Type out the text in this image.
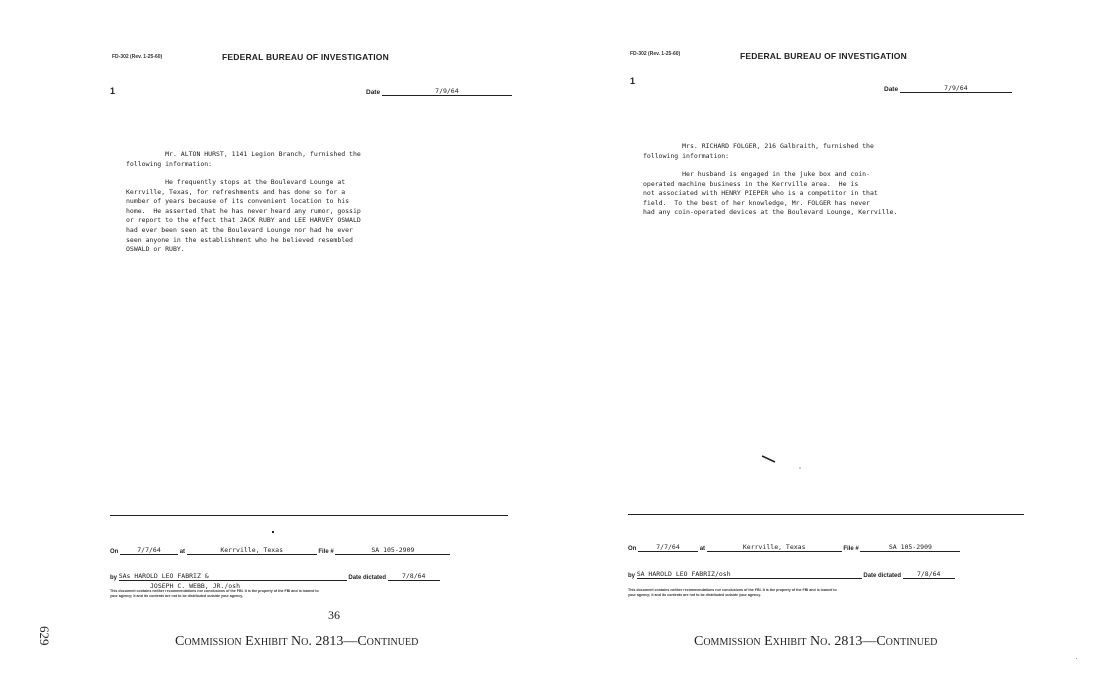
FD-302 (Rev. 1-25-60)	FEDERAL BUREAU OF INVESTIGATION
1	Date	7/9/64
Mr. ALTON HURST, 1141 Legion Branch, furnished the
following information:
He frequently stops at the Boulevard Lounge at
Kerrville, Texas, for refreshments and has done so for a
number of years because of its convenient location to his
home.  He asserted that he has never heard any rumor, gossip
or report to the effect that JACK RUBY and LEE HARVEY OSWALD
had ever been seen at the Boulevard Lounge nor had he ever
seen anyone in the establishment who he believed resembled
OSWALD or RUBY.
On	7/7/64	at	Kerrville, Texas	File #	SA 105-2909
by SAs HAROLD LEO FABRIZ &	Date dictated 7/8/64
This document contains neither recommendations nor conclusions of the FBI. It is the property of the FBI and is loaned to
your agency; it and its contents are not to be distributed outside your agency.
JOSEPH C. WEBB, JR./osh
36
Commission Exhibit No. 2813—Continued
FD-302 (Rev. 1-25-60)	FEDERAL BUREAU OF INVESTIGATION
1
Date	7/9/64
Mrs. RICHARD FOLGER, 216 Galbraith, furnished the
following information:
Her husband is engaged in the juke box and coin-
operated machine business in the Kerrville area.  He is
not associated with HENRY PIEPER who is a competitor in that
field.  To the best of her knowledge, Mr. FOLGER has never
had any coin-operated devices at the Boulevard Lounge, Kerrville.
On	7/7/64	at	Kerrville, Texas	File #	SA 105-2909
by SA HAROLD LEO FABRIZ/osh	Date dictated 7/8/64
This document contains neither recommendations nor conclusions of the FBI. It is the property of the FBI and is loaned to
your agency; it and its contents are not to be distributed outside your agency.
Commission Exhibit No. 2813—Continued
629
